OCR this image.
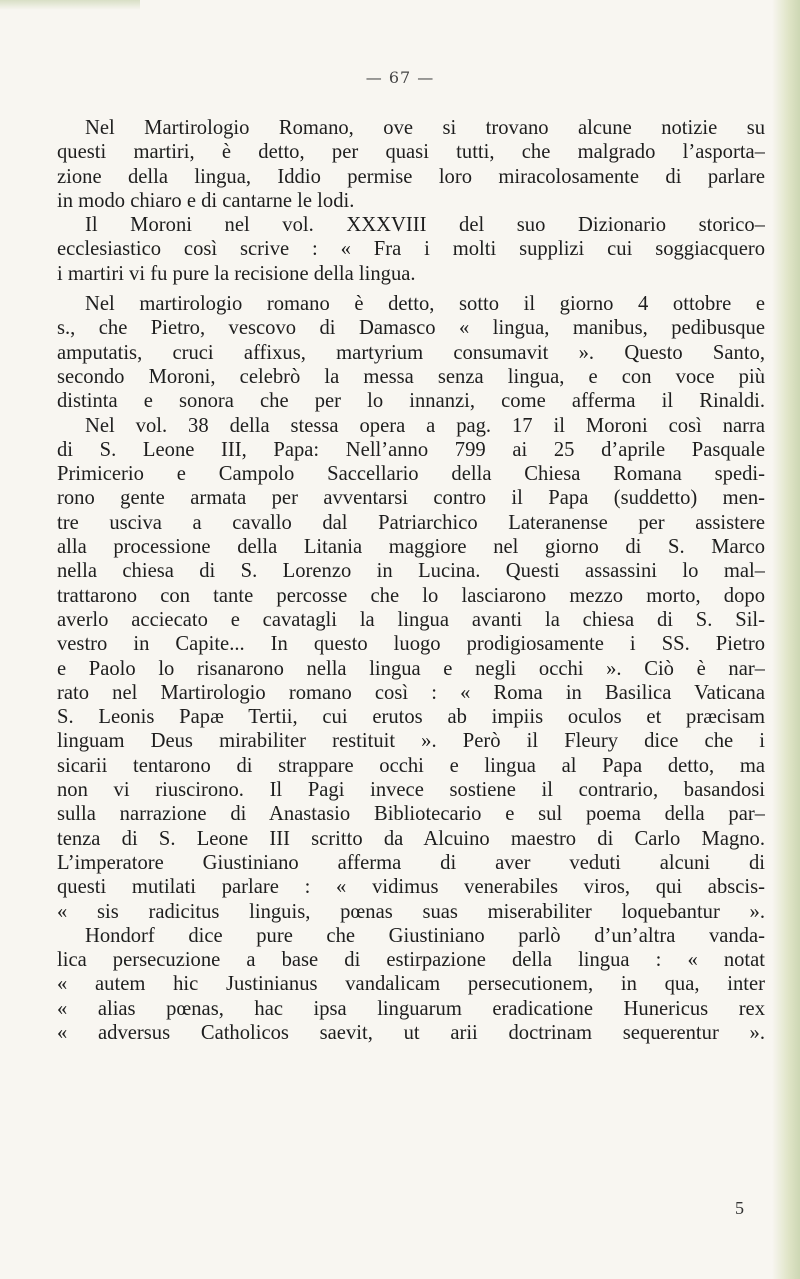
— 67 —
Nel Martirologio Romano, ove si trovano alcune notizie su
questi martiri, è detto, per quasi tutti, che malgrado l’asporta–
zione della lingua, Iddio permise loro miracolosamente di parlare
in modo chiaro e di cantarne le lodi.
Il Moroni nel vol. XXXVIII del suo Dizionario storico–
ecclesiastico così scrive : « Fra i molti supplizi cui soggiacquero
i martiri vi fu pure la recisione della lingua.
Nel martirologio romano è detto, sotto il giorno 4 ottobre e
s., che Pietro, vescovo di Damasco « lingua, manibus, pedibusque
amputatis, cruci affixus, martyrium consumavit ». Questo Santo,
secondo Moroni, celebrò la messa senza lingua, e con voce più
distinta e sonora che per lo innanzi, come afferma il Rinaldi.
Nel vol. 38 della stessa opera a pag. 17 il Moroni così narra
di S. Leone III, Papa: Nell’anno 799 ai 25 d’aprile Pasquale
Primicerio e Campolo Saccellario della Chiesa Romana spedi-
rono gente armata per avventarsi contro il Papa (suddetto) men-
tre usciva a cavallo dal Patriarchico Lateranense per assistere
alla processione della Litania maggiore nel giorno di S. Marco
nella chiesa di S. Lorenzo in Lucina. Questi assassini lo mal–
trattarono con tante percosse che lo lasciarono mezzo morto, dopo
averlo acciecato e cavatagli la lingua avanti la chiesa di S. Sil-
vestro in Capite... In questo luogo prodigiosamente i SS. Pietro
e Paolo lo risanarono nella lingua e negli occhi ». Ciò è nar–
rato nel Martirologio romano così : « Roma in Basilica Vaticana
S. Leonis Papæ Tertii, cui erutos ab impiis oculos et præcisam
linguam Deus mirabiliter restituit ». Però il Fleury dice che i
sicarii tentarono di strappare occhi e lingua al Papa detto, ma
non vi riuscirono. Il Pagi invece sostiene il contrario, basandosi
sulla narrazione di Anastasio Bibliotecario e sul poema della par–
tenza di S. Leone III scritto da Alcuino maestro di Carlo Magno.
L’imperatore Giustiniano afferma di aver veduti alcuni di
questi mutilati parlare : « vidimus venerabiles viros, qui abscis-
« sis radicitus linguis, pœnas suas miserabiliter loquebantur ».
Hondorf dice pure che Giustiniano parlò d’un’altra vanda-
lica persecuzione a base di estirpazione della lingua : « notat
« autem hic Justinianus vandalicam persecutionem, in qua, inter
« alias pœnas, hac ipsa linguarum eradicatione Hunericus rex
« adversus Catholicos saevit, ut arii doctrinam sequerentur ».
5
